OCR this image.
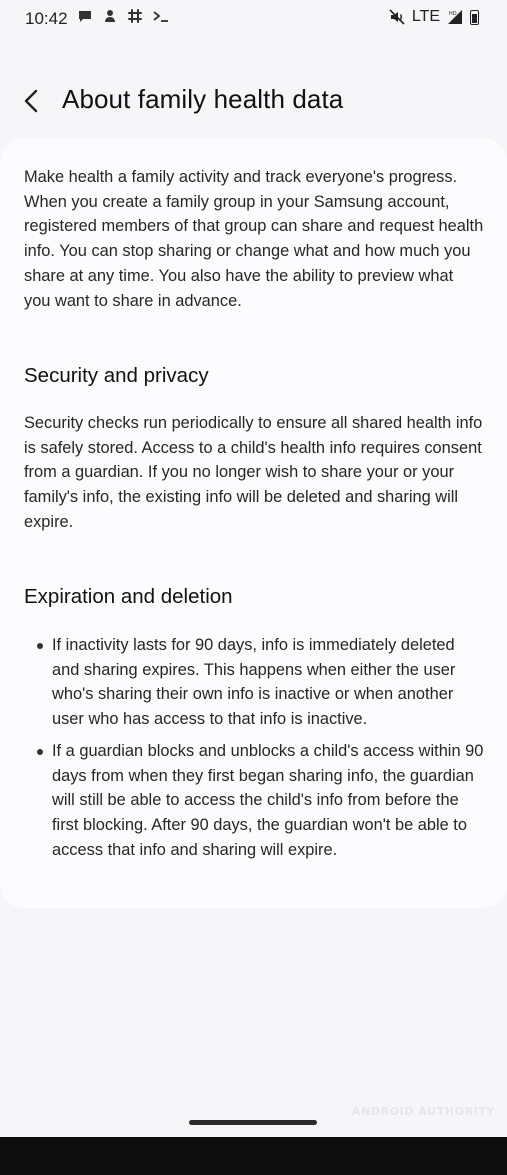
10:42	LTE HD
About family health data

Make health a family activity and track everyone's progress. When you create a family group in your Samsung account, registered members of that group can share and request health info. You can stop sharing or change what and how much you share at any time. You also have the ability to preview what you want to share in advance.

Security and privacy

Security checks run periodically to ensure all shared health info is safely stored. Access to a child's health info requires consent from a guardian. If you no longer wish to share your or your family's info, the existing info will be deleted and sharing will expire.

Expiration and deletion
If inactivity lasts for 90 days, info is immediately deleted and sharing expires. This happens when either the user who's sharing their own info is inactive or when another user who has access to that info is inactive.
If a guardian blocks and unblocks a child's access within 90 days from when they first began sharing info, the guardian will still be able to access the child's info from before the first blocking. After 90 days, the guardian won't be able to access that info and sharing will expire.
ANDROID AUTHORITY
